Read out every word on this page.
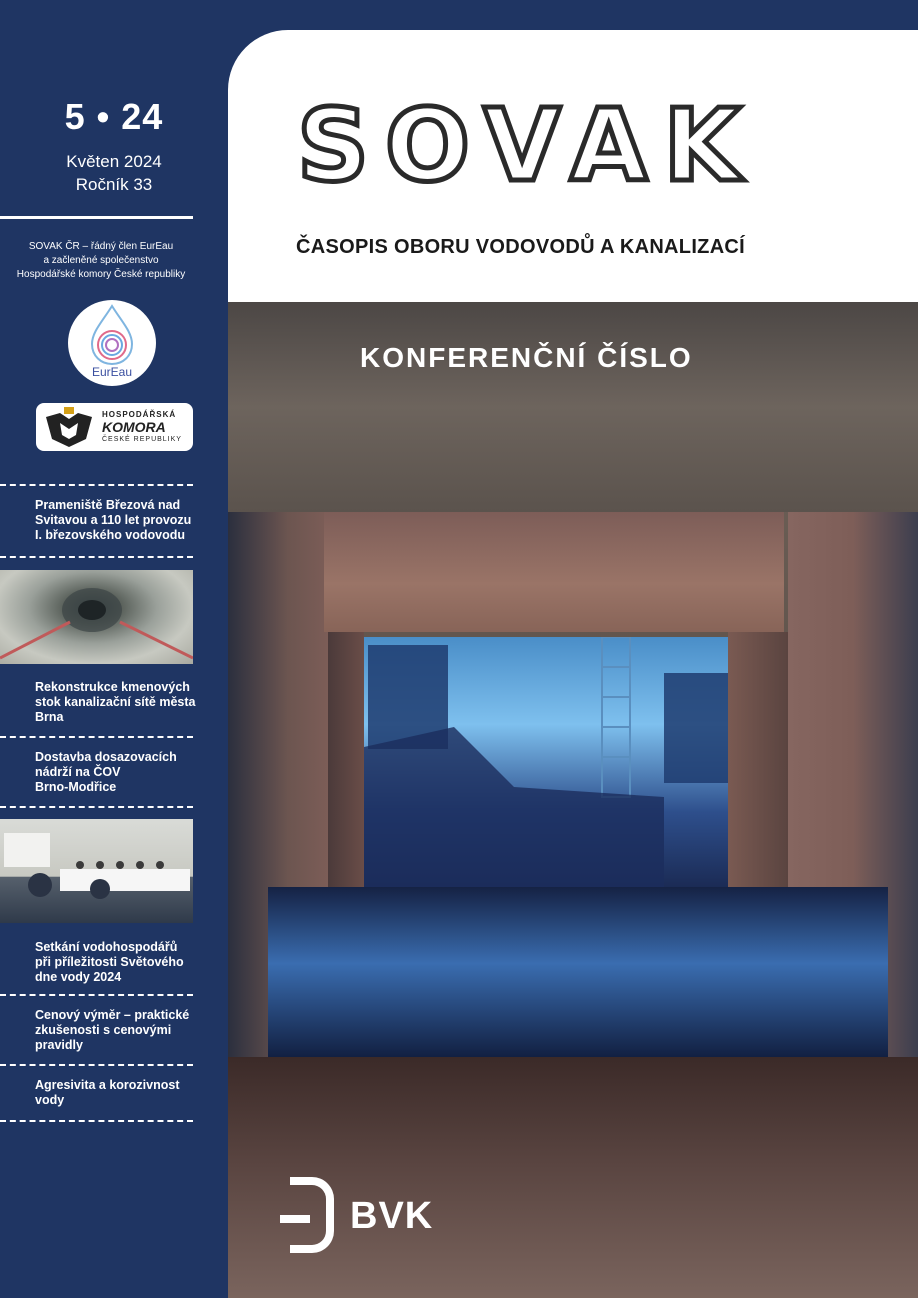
5 • 24
Květen 2024
Ročník 33
SOVAK ČR – řádný člen EurEau
a začleněné společenstvo
Hospodářské komory České republiky
EurEau
HOSPODÁŘSKÁ
KOMORA
ČESKÉ REPUBLIKY
Prameniště Březová nad
Svitavou a 110 let provozu
I. březovského vodovodu
Rekonstrukce kmenových
stok kanalizační sítě města
Brna
Dostavba dosazovacích
nádrží na ČOV
Brno-Modřice
Setkání vodohospodářů
při příležitosti Světového
dne vody 2024
Cenový výměr – praktické
zkušenosti s cenovými
pravidly
Agresivita a korozivnost
vody
SOVAK
ČASOPIS OBORU VODOVODŮ A KANALIZACÍ
KONFERENČNÍ ČÍSLO
BVK
